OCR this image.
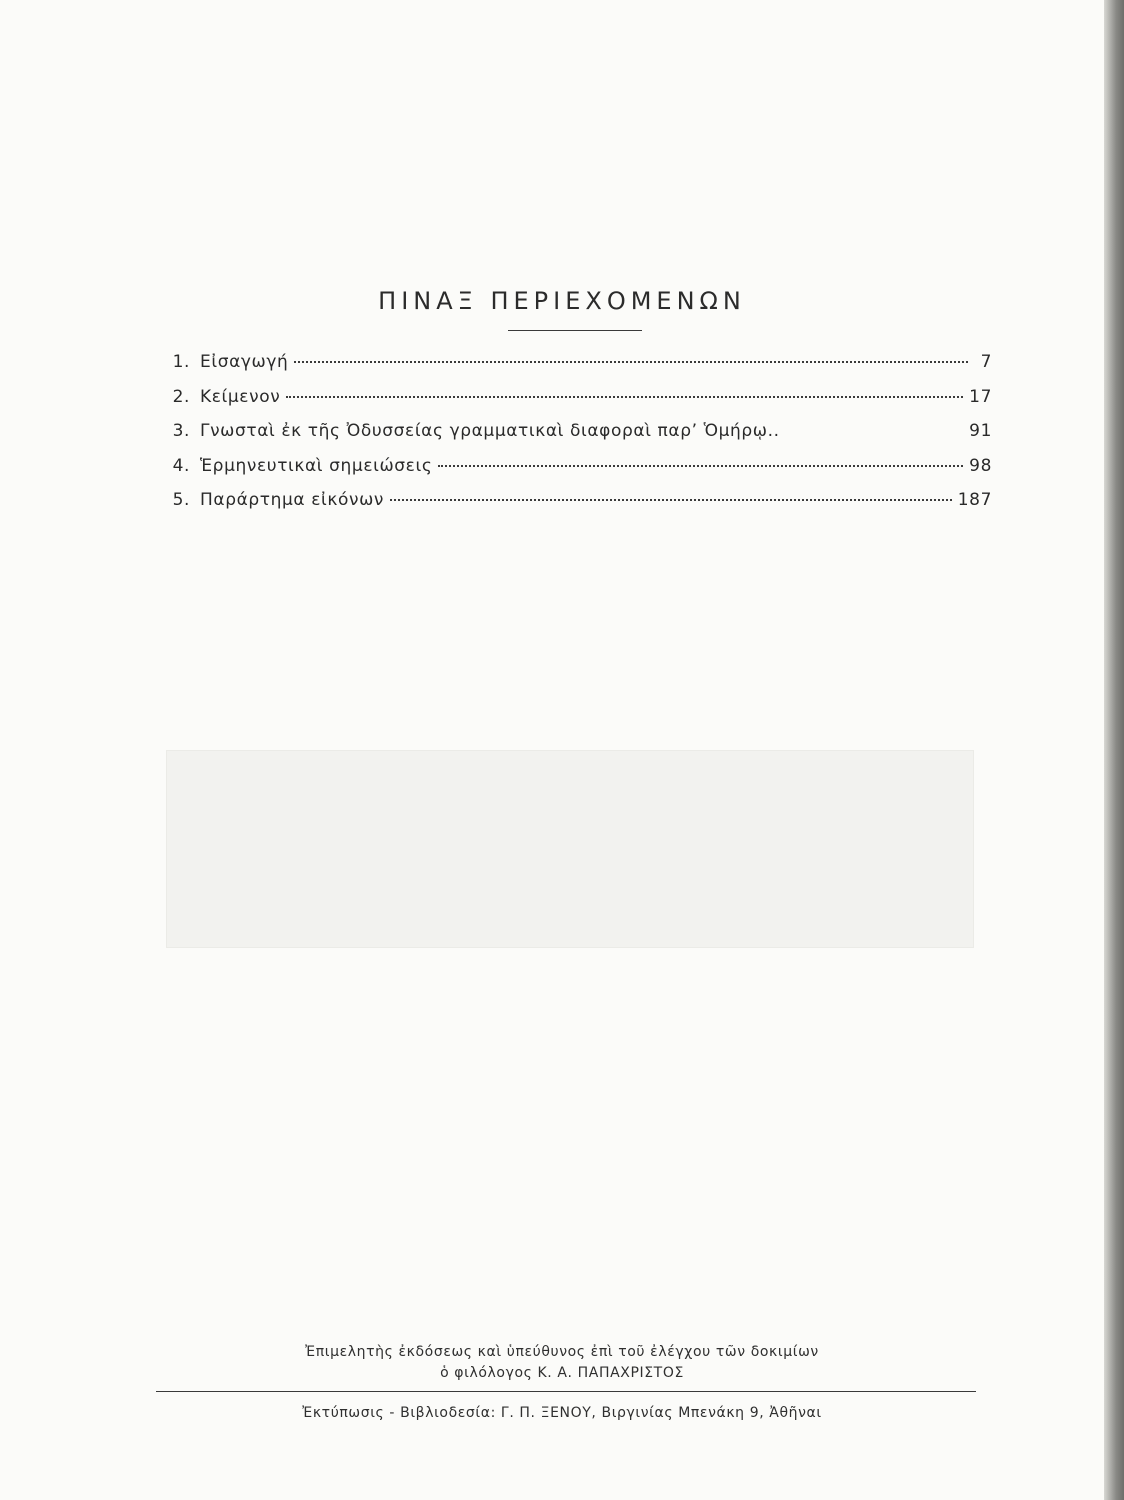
ΠΙΝΑΞ ΠΕΡΙΕΧΟΜΕΝΩΝ
1. Εἰσαγωγή	7
2. Κείμενον	17
3. Γνωσταὶ ἐκ τῆς Ὀδυσσείας γραμματικαὶ διαφοραὶ παρ’ Ὁμήρῳ..	91
4. Ἑρμηνευτικαὶ σημειώσεις	98
5. Παράρτημα εἰκόνων	187
Ἐπιμελητὴς ἐκδόσεως καὶ ὑπεύθυνος ἐπὶ τοῦ ἐλέγχου τῶν δοκιμίων
ὁ φιλόλογος Κ. Α. ΠΑΠΑΧΡΙΣΤΟΣ
Ἐκτύπωσις - Βιβλιοδεσία: Γ. Π. ΞΕΝΟΥ, Βιργινίας Μπενάκη 9, Ἀθῆναι
